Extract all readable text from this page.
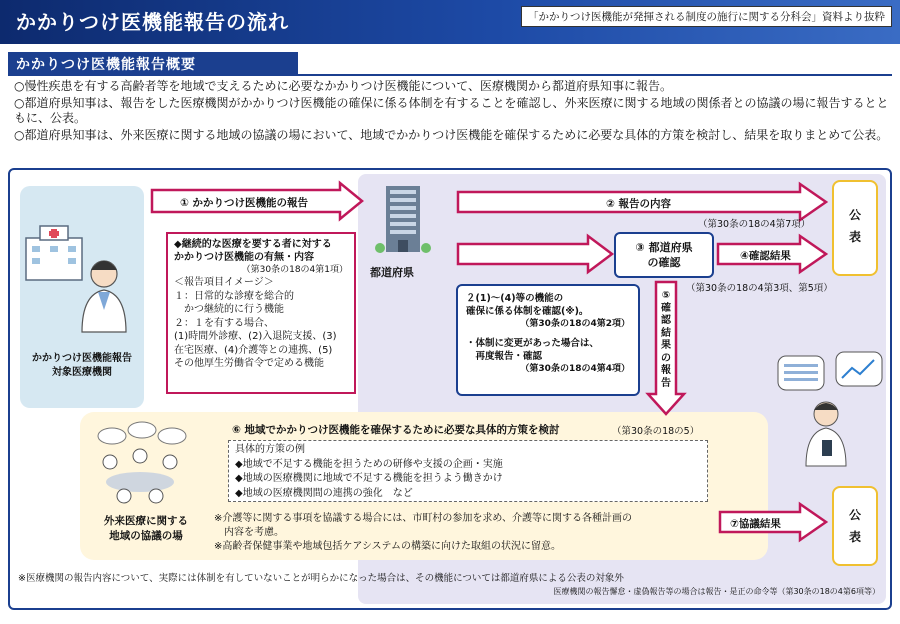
かかりつけ医機能報告の流れ	「かかりつけ医機能が発揮される制度の施行に関する分科会」資料より抜粋
かかりつけ医機能報告概要
○慢性疾患を有する高齢者等を地域で支えるために必要なかかりつけ医機能について、医療機関から都道府県知事に報告。
○都道府県知事は、報告をした医療機関がかかりつけ医機能の確保に係る体制を有することを確認し、外来医療に関する地域の関係者との協議の場に報告するとともに、公表。
○都道府県知事は、外来医療に関する地域の協議の場において、地域でかかりつけ医機能を確保するために必要な具体的方策を検討し、結果を取りまとめて公表。
かかりつけ医機能報告
対象医療機関
① かかりつけ医機能の報告	② 報告の内容
（第30条の18の4第7項）
④確認結果
（第30条の18の4第3項、第5項）
都道府県
③ 都道府県
の確認
⑤
確
認
結
果
の
報
告
公

表
公

表
◆継続的な医療を要する者に対する
かかりつけ医機能の有無・内容
（第30条の18の4第1項）
＜報告項目イメージ＞
１：日常的な診療を総合的
　かつ継続的に行う機能
２：１を有する場合、
(1)時間外診療、(2)入退院支援、(3)
在宅医療、(4)介護等との連携、(5)
その他厚生労働省令で定める機能
２(1)～(4)等の機能の
確保に係る体制を確認(※)。
（第30条の18の4第2項）
・体制に変更があった場合は、
　再度報告・確認
（第30条の18の4第4項）
⑥ 地域でかかりつけ医機能を確保するために必要な具体的方策を検討	（第30条の18の5）
具体的方策の例
◆地域で不足する機能を担うための研修や支援の企画・実施
◆地域の医療機関に地域で不足する機能を担うよう働きかけ
◆地域の医療機関間の連携の強化　など
※介護等に関する事項を協議する場合には、市町村の参加を求め、介護等に関する各種計画の
　内容を考慮。
※高齢者保健事業や地域包括ケアシステムの構築に向けた取組の状況に留意。
外来医療に関する
地域の協議の場
⑦協議結果
※医療機関の報告内容について、実際には体制を有していないことが明らかになった場合は、その機能については都道府県による公表の対象外
医療機関の報告懈怠・虚偽報告等の場合は報告・是正の命令等（第30条の18の4第6項等）
